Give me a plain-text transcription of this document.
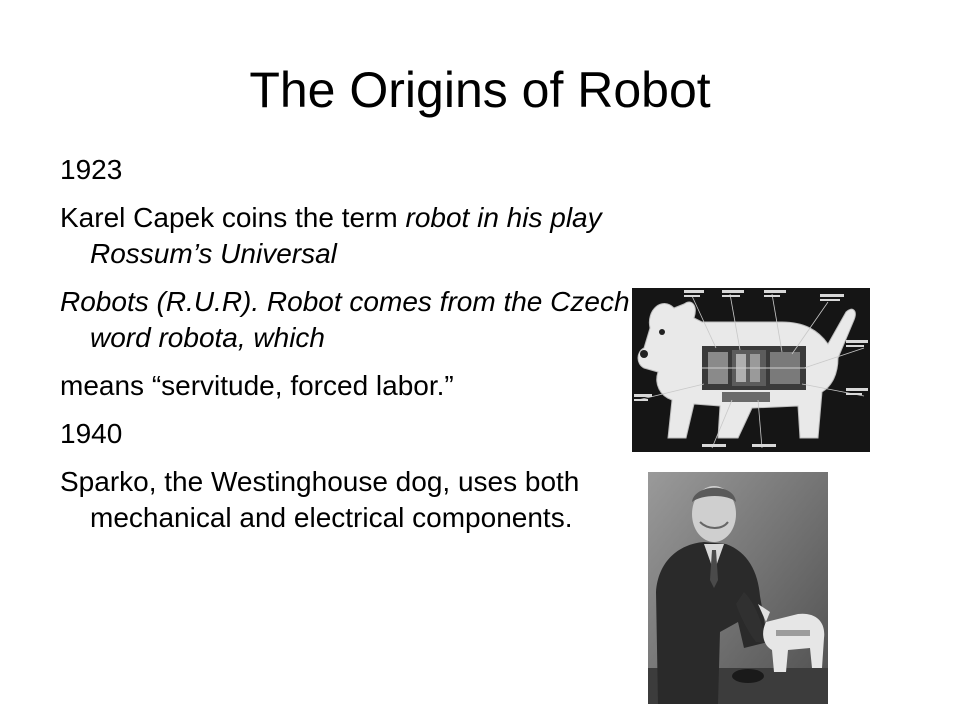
The Origins of Robot

1923

Karel Capek coins the term robot in his play Rossum’s Universal

Robots (R.U.R). Robot comes from the Czech word robota, which

means “servitude, forced labor.”

1940

Sparko, the Westinghouse dog, uses both mechanical and electrical components.
